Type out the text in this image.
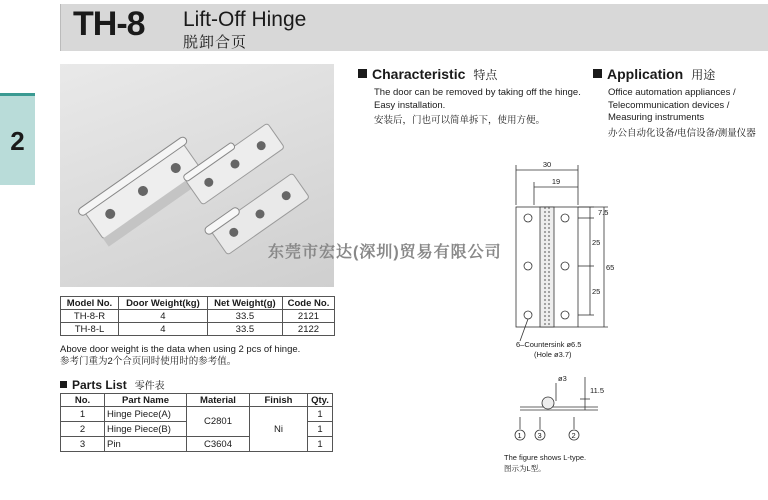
2
TH-8 Lift-Off Hinge
脱卸合页
东莞市宏达(深圳)贸易有限公司
Characteristic 特点
The door can be removed by taking off the hinge.
Easy installation.
安装后，门也可以简单拆下，使用方便。
Application 用途
Office automation appliances /
Telecommunication devices /
Measuring instruments
办公自动化设备/电信设备/测量仪器
Model No.	Door Weight(kg)	Net Weight(g)	Code No.
TH-8-R	4	33.5	2121
TH-8-L	4	33.5	2122
Above door weight is the data when using 2 pcs of hinge.
参考门重为2个合页同时使用时的参考值。
Parts List 零件表
No.	Part Name	Material	Finish	Qty.
1	Hinge Piece(A)	C2801	Ni	1
2	Hinge Piece(B)			1
3	Pin	C3604		1
30
19
7.5
25
25
65
6–Countersink ø6.5
(Hole ø3.7)
ø3
11.5
1 3	2
The figure shows L-type.
图示为L型。
